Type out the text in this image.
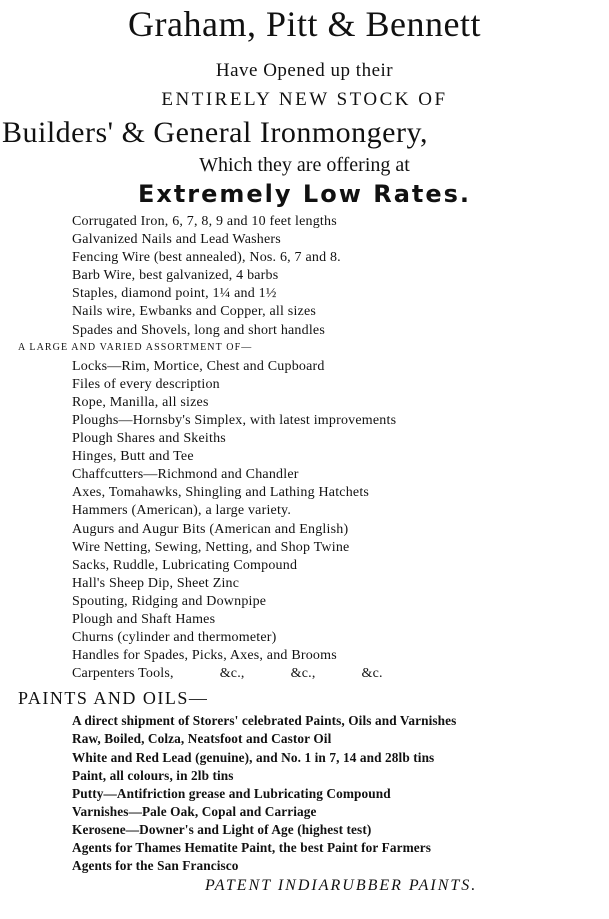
Graham, Pitt & Bennett
Have Opened up their
ENTIRELY NEW STOCK OF
Builders' & General Ironmongery,
Which they are offering at
Extremely Low Rates.
Corrugated Iron, 6, 7, 8, 9 and 10 feet lengths
Galvanized Nails and Lead Washers
Fencing Wire (best annealed), Nos. 6, 7 and 8.
Barb Wire, best galvanized, 4 barbs
Staples, diamond point, 1¼ and 1½
Nails wire, Ewbanks and Copper, all sizes
Spades and Shovels, long and short handles
A LARGE AND VARIED ASSORTMENT OF—
Locks—Rim, Mortice, Chest and Cupboard
Files of every description
Rope, Manilla, all sizes
Ploughs—Hornsby's Simplex, with latest improvements
Plough Shares and Skeiths
Hinges, Butt and Tee
Chaffcutters—Richmond and Chandler
Axes, Tomahawks, Shingling and Lathing Hatchets
Hammers (American), a large variety.
Augurs and Augur Bits (American and English)
Wire Netting, Sewing, Netting, and Shop Twine
Sacks, Ruddle, Lubricating Compound
Hall's Sheep Dip, Sheet Zinc
Spouting, Ridging and Downpipe
Plough and Shaft Hames
Churns (cylinder and thermometer)
Handles for Spades, Picks, Axes, and Brooms
Carpenters Tools,	&c.,	&c.,	&c.
PAINTS AND OILS—
A direct shipment of Storers' celebrated Paints, Oils and Varnishes
Raw, Boiled, Colza, Neatsfoot and Castor Oil
White and Red Lead (genuine), and No. 1 in 7, 14 and 28lb tins
Paint, all colours, in 2lb tins
Putty—Antifriction grease and Lubricating Compound
Varnishes—Pale Oak, Copal and Carriage
Kerosene—Downer's and Light of Age (highest test)
Agents for Thames Hematite Paint, the best Paint for Farmers
Agents for the San Francisco
PATENT INDIARUBBER PAINTS.
